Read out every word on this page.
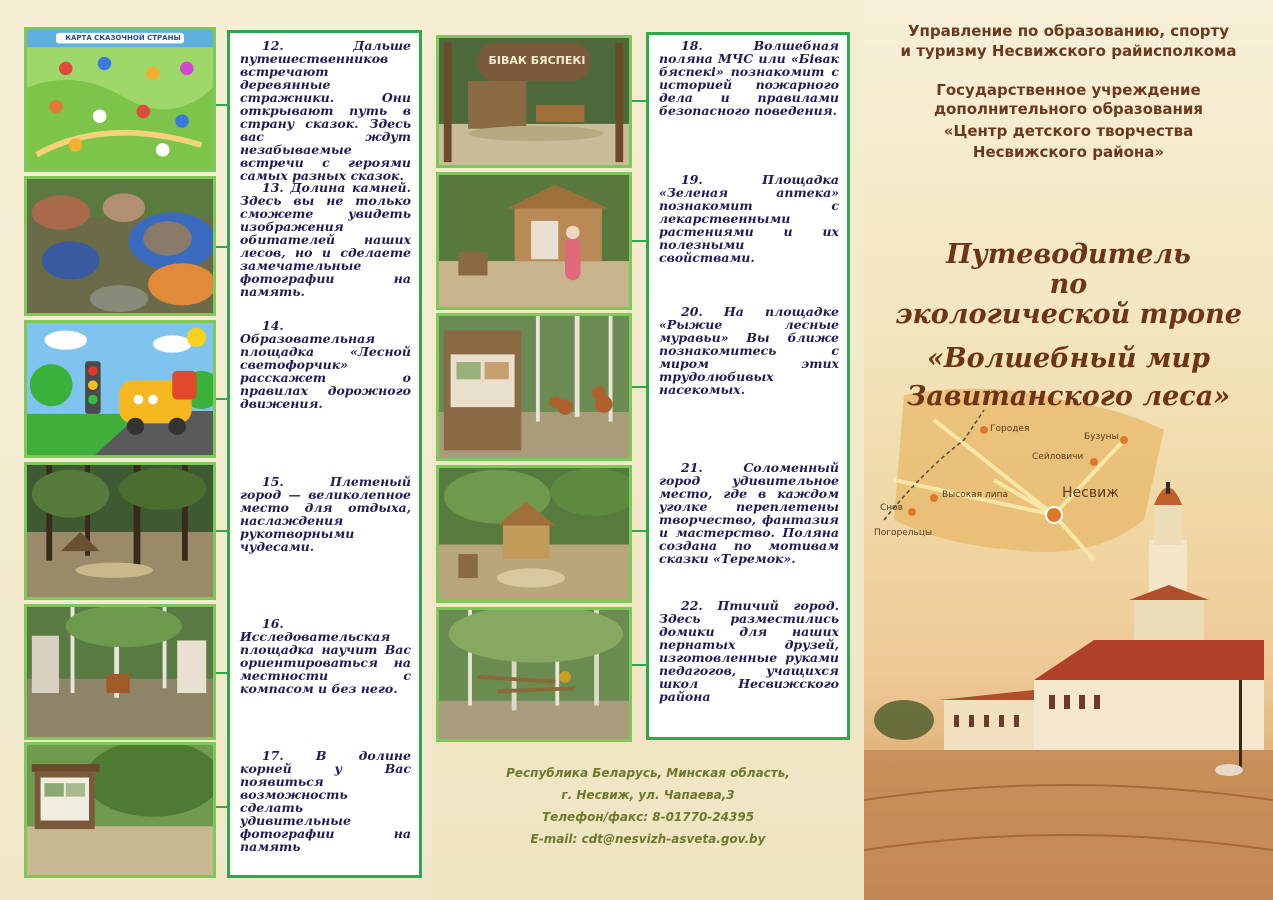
КАРТА СКАЗОЧНОЙ СТРАНЫ	12. Дальше путешественников встречают деревянные стражники. Они открывают путь в страну сказок. Здесь вас ждут незабываемые встречи с героями самых разных сказок.
13. Долина камней. Здесь вы не только сможете увидеть изображения обитателей наших лесов, но и сделаете замечательные фотографии на память.
14. Образовательная площадка «Лесной светофорчик» расскажет о правилах дорожного движения.
15. Плетеный город — великолепное место для отдыха, наслаждения рукотворными чудесами.
16. Исследовательская площадка научит Вас ориентироваться на местности с компасом и без него.
17. В долине корней у Вас появиться возможность сделать удивительные фотографии на память
БІВАК БЯСПЕКІ
18. Волшебная поляна МЧС или «Бівак бяспекі» познакомит с историей пожарного дела и правилами безопасного поведения.
19. Площадка «Зеленая аптека» познакомит с лекарственными растениями и их полезными свойствами.
20. На площадке «Рыжие лесные муравьи» Вы ближе познакомитесь с миром этих трудолюбивых насекомых.
21. Соломенный город удивительное место, где в каждом уголке переплетены творчество, фантазия и мастерство. Поляна создана по мотивам сказки «Теремок».
22. Птичий город. Здесь разместились домики для наших пернатых друзей, изготовленные руками педагогов, учащихся школ Несвижского района
Республика Беларусь, Минская область,
г. Несвиж, ул. Чапаева,3
Телефон/факс: 8-01770-24395
E-mail: cdt@nesvizh-asveta.gov.by
Городея
Бузуны
Сейловичи
Высокая липа	Несвиж
Снов
Погорельцы
Управление по образованию, спорту
и туризму Несвижского райисполкома
Государственное учреждение
дополнительного образования
«Центр детского творчества
Несвижского района»
Путеводитель
по
экологической тропе
«Волшебный мир
Завитанского леса»
